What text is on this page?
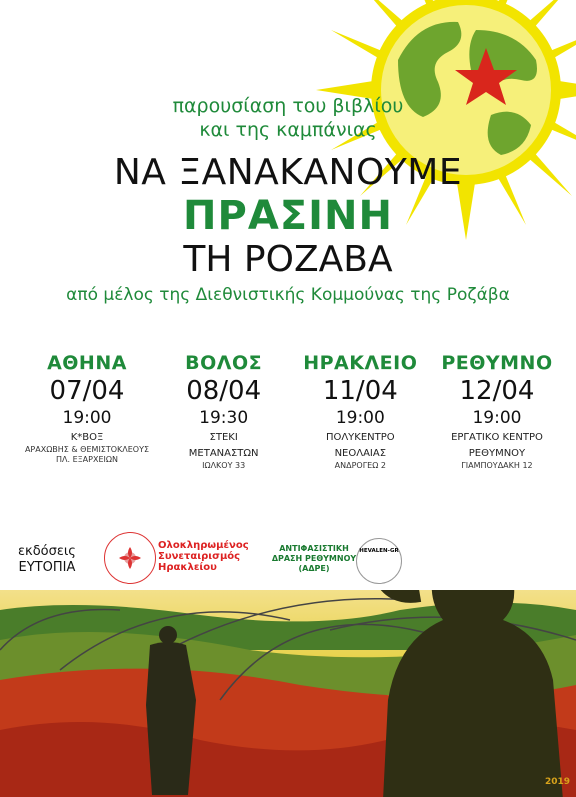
παρουσίαση του βιβλίου
και της καμπάνιας
ΝΑ ΞΑΝΑΚΑΝΟΥΜΕ
ΠΡΑΣΙΝΗ
ΤΗ ΡΟΖΑΒΑ
από μέλος της Διεθνιστικής Κομμούνας της Ροζάβα
ΑΘΗΝΑ
07/04
19:00
Κ*ΒΟΞ
ΑΡΑΧΩΒΗΣ & ΘΕΜΙΣΤΟΚΛΕΟΥΣ
ΠΛ. ΕΞΑΡΧΕΙΩΝ
ΒΟΛΟΣ
08/04
19:30
ΣΤΕΚΙ
ΜΕΤΑΝΑΣΤΩΝ
ΙΩΛΚΟΥ 33
ΗΡΑΚΛΕΙΟ
11/04
19:00
ΠΟΛΥΚΕΝΤΡΟ
ΝΕΟΛΑΙΑΣ
ΑΝΔΡΟΓΕΩ 2
ΡΕΘΥΜΝΟ
12/04
19:00
ΕΡΓΑΤΙΚΟ ΚΕΝΤΡΟ
ΡΕΘΥΜΝΟΥ
ΓΙΑΜΠΟΥΔΑΚΗ 12
εκδόσεις
ΕΥΤΟΠΙΑ
Ολοκληρωμένος
Συνεταιρισμός
Ηρακλείου
ΑΝΤΙΦΑΣΙΣΤΙΚΗ
ΔΡΑΣΗ ΡΕΘΥΜΝΟΥ
(ΑΔΡΕ)
HEVALEN-GR
2019
